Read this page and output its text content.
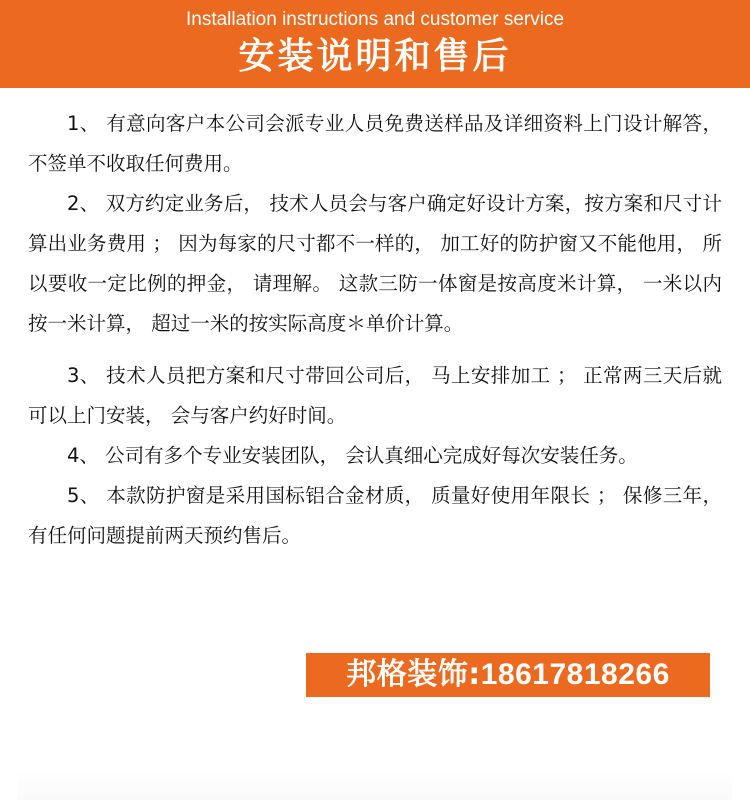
Installation instructions and customer service
安装说明和售后

1、 有意向客户本公司会派专业人员免费送样品及详细资料上门设计解答， 不签单不收取任何费用。

2、 双方约定业务后， 技术人员会与客户确定好设计方案，按方案和尺寸计算出业务费用 ； 因为每家的尺寸都不一样的， 加工好的防护窗又不能他用， 所以要收一定比例的押金， 请理解。 这款三防一体窗是按高度米计算， 一米以内按一米计算， 超过一米的按实际高度＊单价计算。

3、 技术人员把方案和尺寸带回公司后， 马上安排加工 ； 正常两三天后就可以上门安装， 会与客户约好时间。

4、 公司有多个专业安装团队， 会认真细心完成好每次安装任务。

5、 本款防护窗是采用国标铝合金材质， 质量好使用年限长 ； 保修三年， 有任何问题提前两天预约售后。

邦格装饰:18617818266
